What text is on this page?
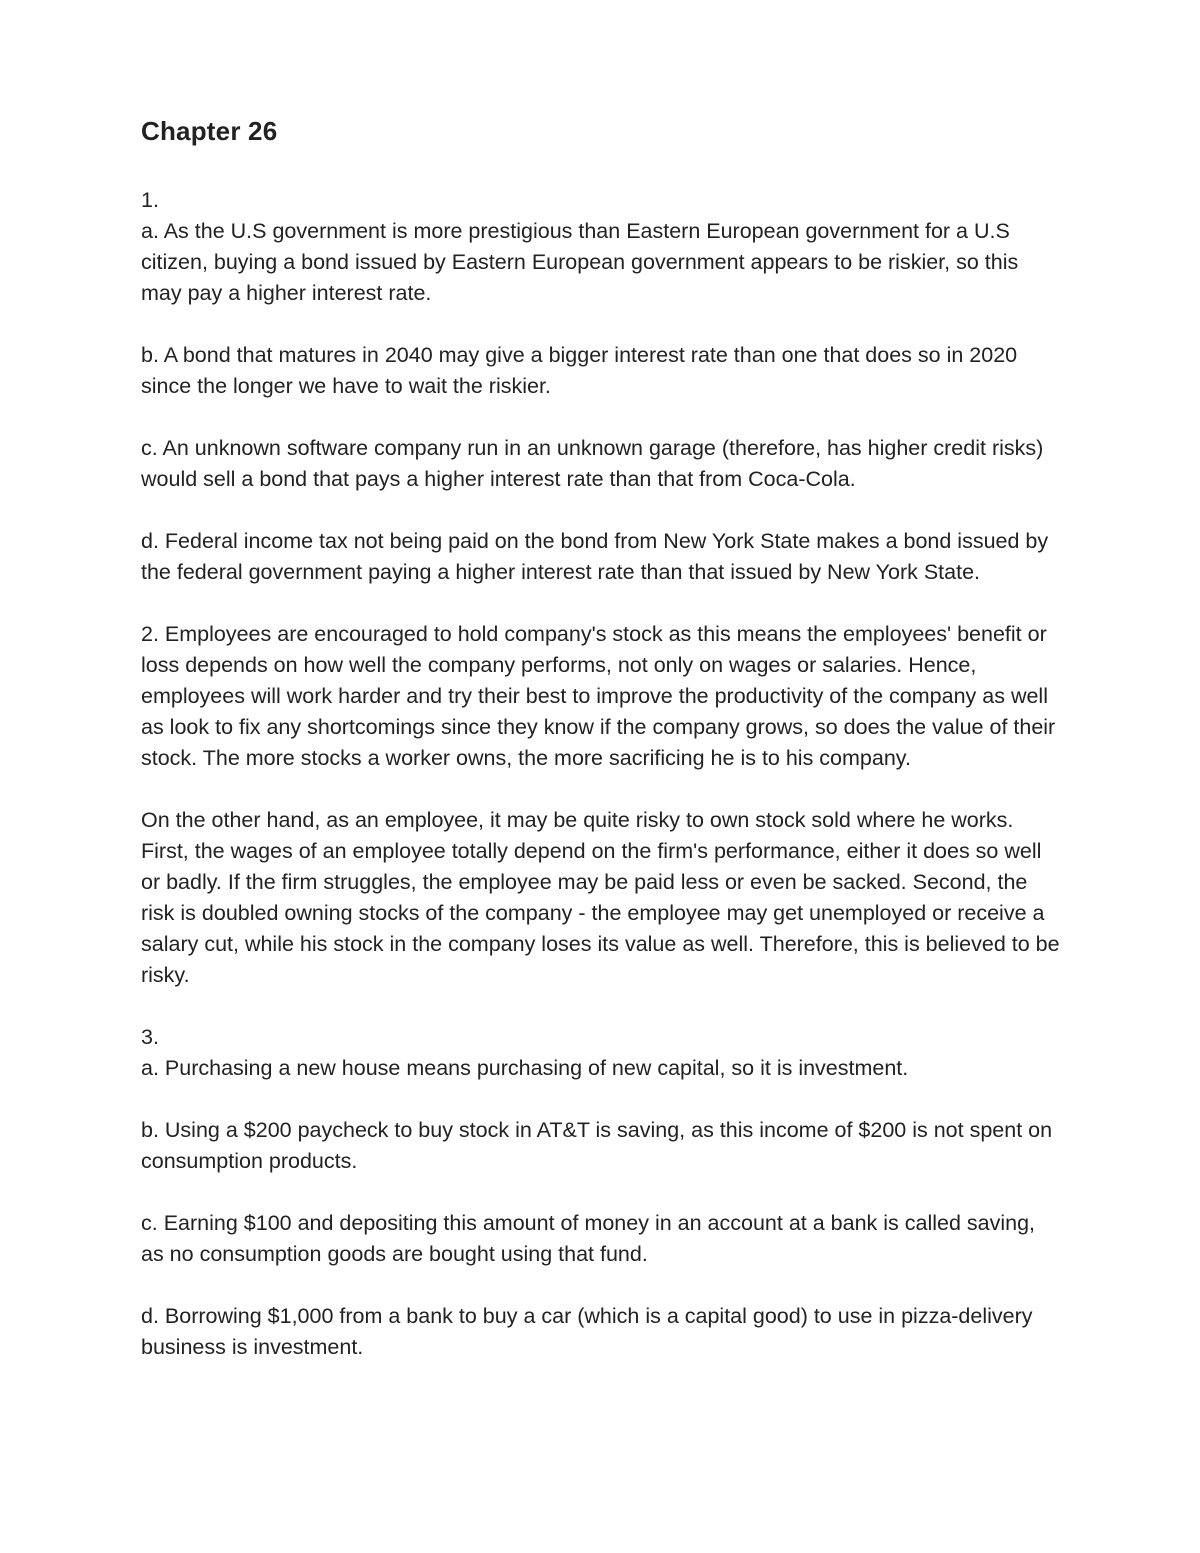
Chapter 26
1.
a. As the U.S government is more prestigious than Eastern European government for a U.S citizen, buying a bond issued by Eastern European government appears to be riskier, so this may pay a higher interest rate.
b. A bond that matures in 2040 may give a bigger interest rate than one that does so in 2020 since the longer we have to wait the riskier.
c. An unknown software company run in an unknown garage (therefore, has higher credit risks) would sell a bond that pays a higher interest rate than that from Coca-Cola.
d. Federal income tax not being paid on the bond from New York State makes a bond issued by the federal government paying a higher interest rate than that issued by New York State.
2. Employees are encouraged to hold company's stock as this means the employees' benefit or loss depends on how well the company performs, not only on wages or salaries. Hence, employees will work harder and try their best to improve the productivity of the company as well as look to fix any shortcomings since they know if the company grows, so does the value of their stock. The more stocks a worker owns, the more sacrificing he is to his company.
On the other hand, as an employee, it may be quite risky to own stock sold where he works. First, the wages of an employee totally depend on the firm's performance, either it does so well or badly. If the firm struggles, the employee may be paid less or even be sacked. Second, the risk is doubled owning stocks of the company - the employee may get unemployed or receive a salary cut, while his stock in the company loses its value as well. Therefore, this is believed to be risky.
3.
a. Purchasing a new house means purchasing of new capital, so it is investment.
b. Using a $200 paycheck to buy stock in AT&T is saving, as this income of $200 is not spent on consumption products.
c. Earning $100 and depositing this amount of money in an account at a bank is called saving, as no consumption goods are bought using that fund.
d. Borrowing $1,000 from a bank to buy a car (which is a capital good) to use in pizza-delivery business is investment.
